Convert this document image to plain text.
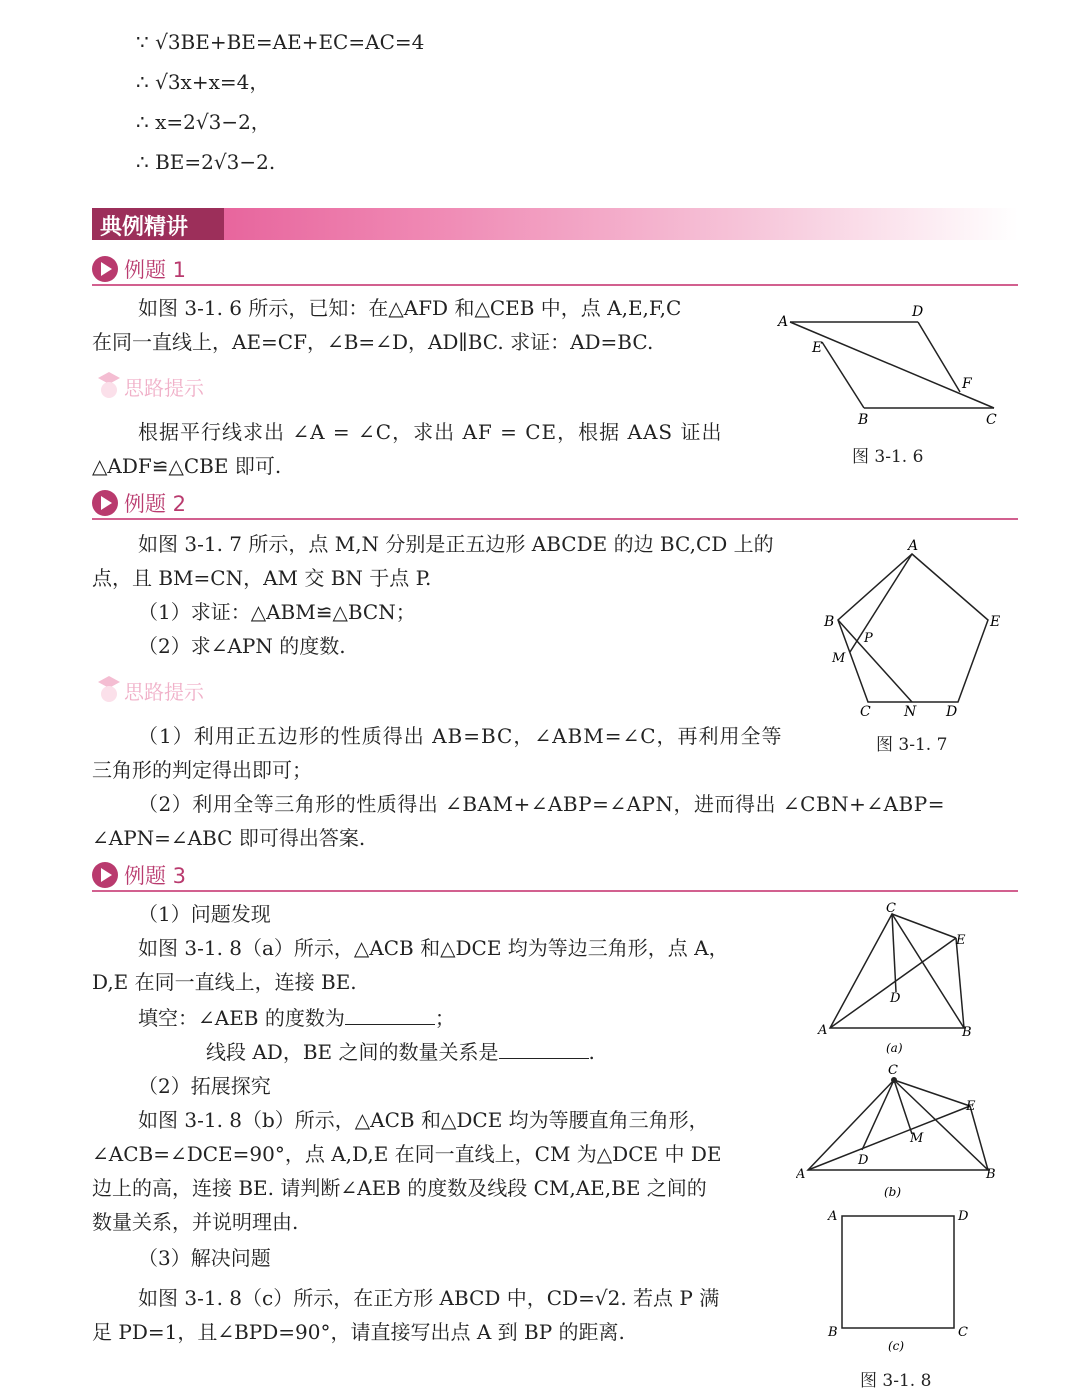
∵ √3BE+BE=AE+EC=AC=4
∴ √3x+x=4，
∴ x=2√3−2，
∴ BE=2√3−2.
典例精讲
例题 1
如图 3-1. 6 所示，已知：在△AFD 和△CEB 中，点 A,E,F,C
在同一直线上，AE=CF，∠B=∠D，AD∥BC. 求证：AD=BC.
思路提示
根据平行线求出 ∠A = ∠C，求出 AF = CE，根据 AAS 证出
△ADF≌△CBE 即可.
A
D
E
F
B	C
图 3-1. 6
例题 2
如图 3-1. 7 所示，点 M,N 分别是正五边形 ABCDE 的边 BC,CD 上的
点，且 BM=CN，AM 交 BN 于点 P.
（1）求证：△ABM≌△BCN；
（2）求∠APN 的度数.
思路提示
（1）利用正五边形的性质得出 AB=BC，∠ABM=∠C，再利用全等
三角形的判定得出即可；
（2）利用全等三角形的性质得出 ∠BAM+∠ABP=∠APN，进而得出 ∠CBN+∠ABP=
∠APN=∠ABC 即可得出答案.
A
B	E
P
M
C N D
图 3-1. 7
例题 3
（1）问题发现
如图 3-1. 8（a）所示，△ACB 和△DCE 均为等边三角形，点 A，
D,E 在同一直线上，连接 BE.
填空：∠AEB 的度数为	；
线段 AD，BE 之间的数量关系是	.
（2）拓展探究
如图 3-1. 8（b）所示，△ACB 和△DCE 均为等腰直角三角形，
∠ACB=∠DCE=90°，点 A,D,E 在同一直线上，CM 为△DCE 中 DE
边上的高，连接 BE. 请判断∠AEB 的度数及线段 CM,AE,BE 之间的
数量关系，并说明理由.
（3）解决问题
如图 3-1. 8（c）所示，在正方形 ABCD 中，CD=√2. 若点 P 满
足 PD=1，且∠BPD=90°，请直接写出点 A 到 BP 的距离.
C
E
D
A	B
(a)
C
E
M
D
A	B
(b)
A	D
B	C
(c)
图 3-1. 8
